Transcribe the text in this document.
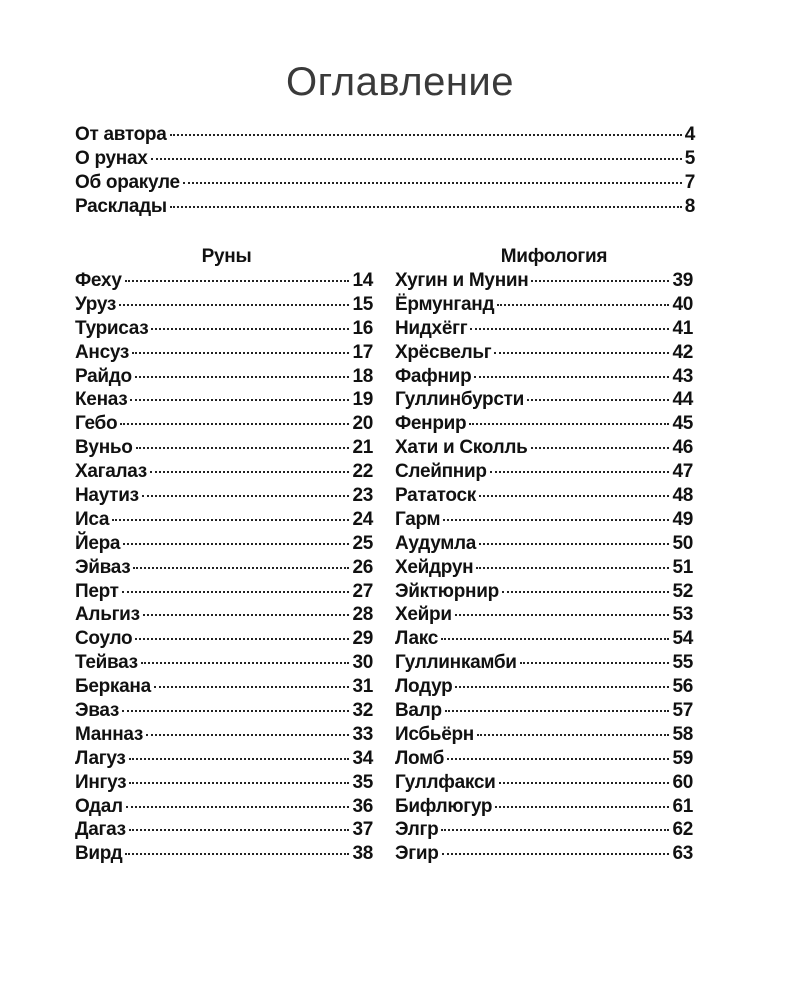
Оглавление
От автора	4
О рунах	5
Об оракуле	7
Расклады	8
Руны
Феху	14
Уруз	15
Турисаз	16
Ансуз	17
Райдо	18
Кеназ	19
Гебо	20
Вуньо	21
Хагалаз	22
Наутиз	23
Иса	24
Йера	25
Эйваз	26
Перт	27
Альгиз	28
Соуло	29
Тейваз	30
Беркана	31
Эваз	32
Манназ	33
Лагуз	34
Ингуз	35
Одал	36
Дагаз	37
Вирд	38
Мифология
Хугин и Мунин	39
Ёрмунганд	40
Нидхёгг	41
Хрёсвельг	42
Фафнир	43
Гуллинбурсти	44
Фенрир	45
Хати и Сколль	46
Слейпнир	47
Рататоск	48
Гарм	49
Аудумла	50
Хейдрун	51
Эйктюрнир	52
Хейри	53
Лакс	54
Гуллинкамби	55
Лодур	56
Валр	57
Исбьёрн	58
Ломб	59
Гуллфакси	60
Бифлюгур	61
Элгр	62
Эгир	63
